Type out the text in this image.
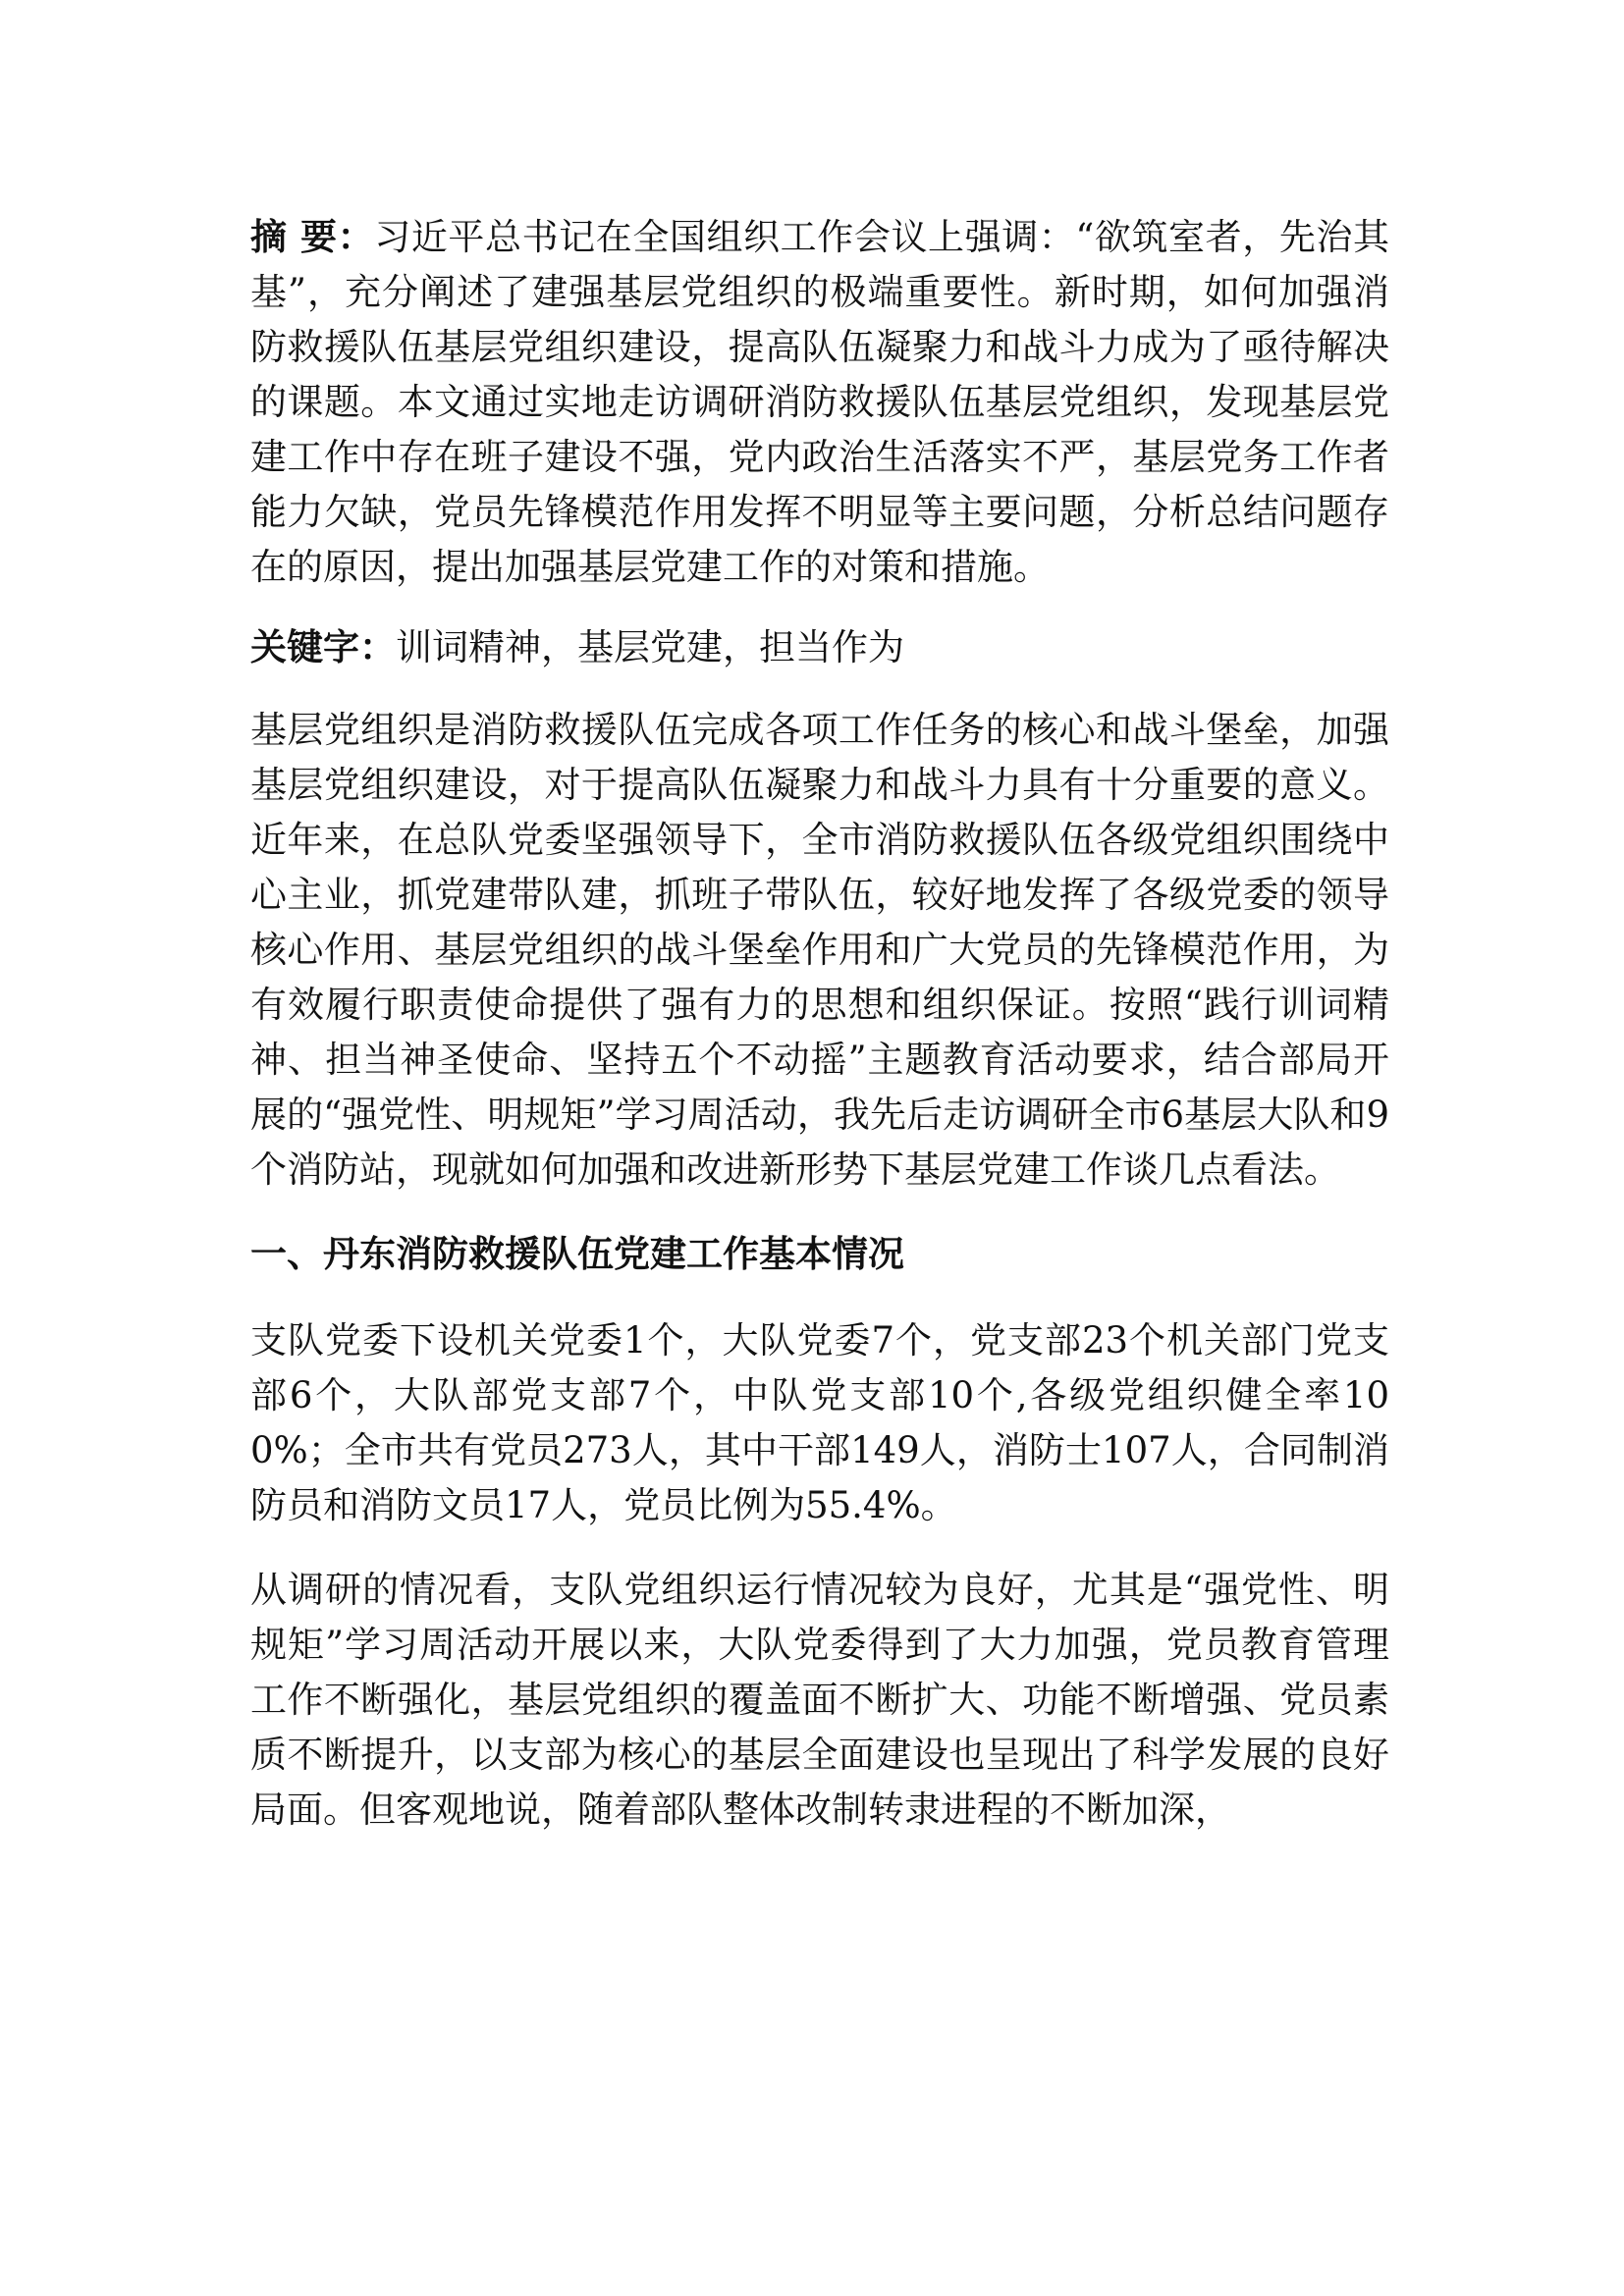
摘 要：习近平总书记在全国组织工作会议上强调：“欲筑室者，先治其基”，充分阐述了建强基层党组织的极端重要性。新时期，如何加强消防救援队伍基层党组织建设，提高队伍凝聚力和战斗力成为了亟待解决的课题。本文通过实地走访调研消防救援队伍基层党组织，发现基层党建工作中存在班子建设不强，党内政治生活落实不严，基层党务工作者能力欠缺，党员先锋模范作用发挥不明显等主要问题，分析总结问题存在的原因，提出加强基层党建工作的对策和措施。

关键字：训词精神，基层党建，担当作为

基层党组织是消防救援队伍完成各项工作任务的核心和战斗堡垒，加强基层党组织建设，对于提高队伍凝聚力和战斗力具有十分重要的意义。近年来，在总队党委坚强领导下，全市消防救援队伍各级党组织围绕中心主业，抓党建带队建，抓班子带队伍，较好地发挥了各级党委的领导核心作用、基层党组织的战斗堡垒作用和广大党员的先锋模范作用，为有效履行职责使命提供了强有力的思想和组织保证。按照“践行训词精神、担当神圣使命、坚持五个不动摇”主题教育活动要求，结合部局开展的“强党性、明规矩”学习周活动，我先后走访调研全市6基层大队和9个消防站，现就如何加强和改进新形势下基层党建工作谈几点看法。

一、丹东消防救援队伍党建工作基本情况

支队党委下设机关党委1个，大队党委7个，党支部23个机关部门党支部6个，大队部党支部7个，中队党支部10个,各级党组织健全率100%；全市共有党员273人，其中干部149人，消防士107人，合同制消防员和消防文员17人，党员比例为55.4%。

从调研的情况看，支队党组织运行情况较为良好，尤其是“强党性、明规矩”学习周活动开展以来，大队党委得到了大力加强，党员教育管理工作不断强化，基层党组织的覆盖面不断扩大、功能不断增强、党员素质不断提升，以支部为核心的基层全面建设也呈现出了科学发展的良好局面。但客观地说，随着部队整体改制转隶进程的不断加深，
